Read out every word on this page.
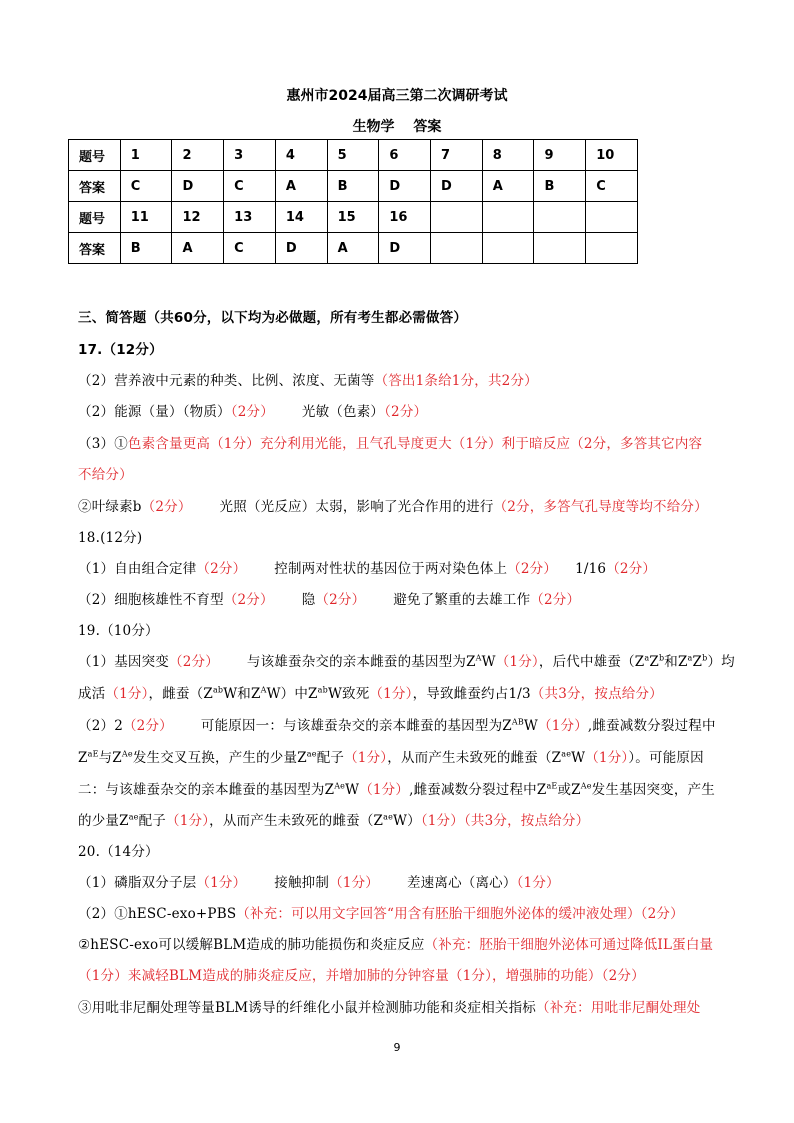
惠州市2024届高三第二次调研考试
生物学　 答案
题号	1	2	3	4	5	6	7	8	9	10
答案	C	D	C	A	B	D	D	A	B	C
题号	11	12	13	14	15	16				
答案	B	A	C	D	A	D				
三、简答题（共60分，以下均为必做题，所有考生都必需做答）
17.（12分）
（2）营养液中元素的种类、比例、浓度、无菌等（答出1条给1分，共2分）
（2）能源（量）（物质）（2分） 光敏（色素）（2分）
（3）①色素含量更高（1分）充分利用光能，且气孔导度更大（1分）利于暗反应（2分，多答其它内容
不给分）
②叶绿素b（2分） 光照（光反应）太弱，影响了光合作用的进行（2分，多答气孔导度等均不给分）
18.(12分)
（1）自由组合定律（2分） 控制两对性状的基因位于两对染色体上（2分） 1/16（2分）
（2）细胞核雄性不育型（2分） 隐（2分） 避免了繁重的去雄工作（2分）
19.（10分）
（1）基因突变（2分） 与该雄蚕杂交的亲本雌蚕的基因型为$Z^AW(1$分），后代中雄蚕（$Z^aZ^b$和$Z^aZ^b$）均
成活（1分），雌蚕（$Z^{ab}W$和$Z^AW$）中$Z^{ab}W$致死（1分），导致雌蚕约占1/3（共3分，按点给分）
（2）2（2分） 可能原因一：与该雄蚕杂交的亲本雌蚕的基因型为$Z^{AB}W(1$分）,雌蚕减数分裂过程中
$Z^{aE}$与$Z^{Ae}$发生交叉互换，产生的少量$Z^{ae}$配子（1分），从而产生未致死的雌蚕（$Z^{ae}W(1$分））。可能原因
二：与该雄蚕杂交的亲本雌蚕的基因型为$Z^{Ae}W(1$分）,雌蚕减数分裂过程中$Z^{aE}$或$Z^{Ae}$发生基因突变，产生
的少量$Z^{ae}$配子（1分），从而产生未致死的雌蚕$(Z^{ae}W)(1$分）（共3分，按点给分）
20.（14分）
（1）磷脂双分子层（1分） 接触抑制（1分） 差速离心（离心）（1分）
（2）①hESC-exo+PBS（补充：可以用文字回答“用含有胚胎干细胞外泌体的缓冲液处理）（2分）
②hESC-exo可以缓解BLM造成的肺功能损伤和炎症反应（补充：胚胎干细胞外泌体可通过降低IL蛋白量
（1分）来减轻BLM造成的肺炎症反应，并增加肺的分钟容量（1分），增强肺的功能）（2分）
③用吡非尼酮处理等量BLM诱导的纤维化小鼠并检测肺功能和炎症相关指标（补充：用吡非尼酮处理处
9
